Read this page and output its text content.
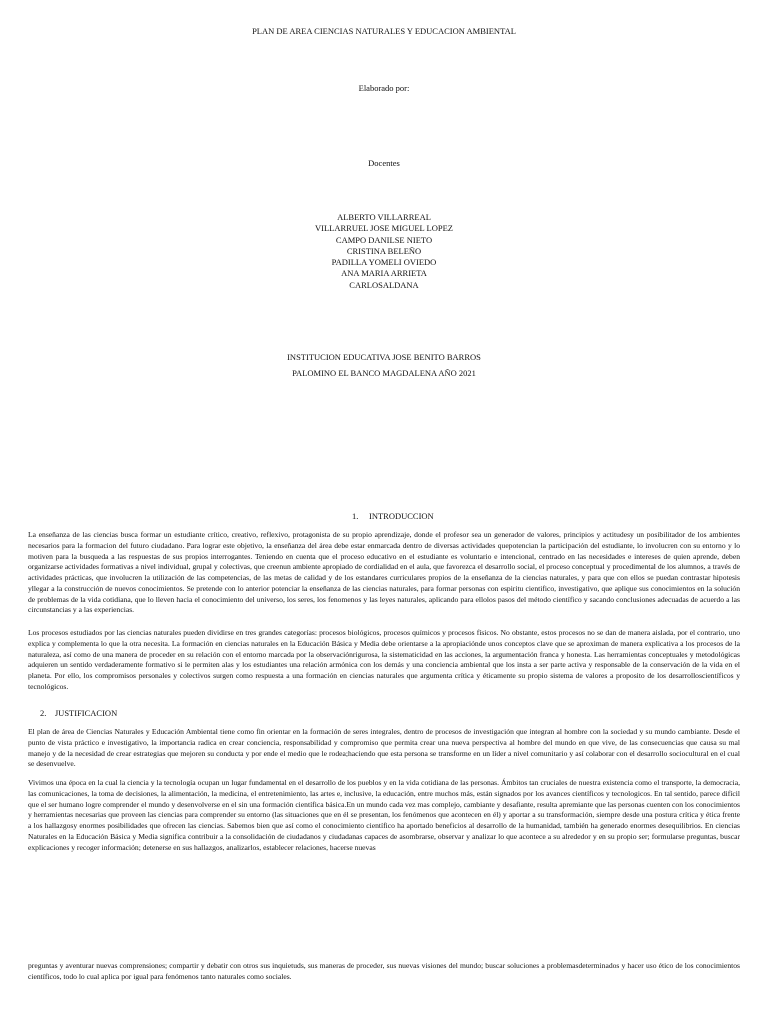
PLAN DE AREA CIENCIAS NATURALES Y EDUCACION AMBIENTAL
Elaborado por:
Docentes
ALBERTO VILLARREAL
VILLARRUEL JOSE MIGUEL LOPEZ
CAMPO DANILSE NIETO
CRISTINA BELEÑO
PADILLA YOMELI OVIEDO
ANA MARIA ARRIETA
CARLOSALDANA
INSTITUCION EDUCATIVA JOSE BENITO BARROS
PALOMINO EL BANCO MAGDALENA AÑO 2021
1.     INTRODUCCION

La enseñanza de las ciencias busca formar un estudiante crítico, creativo, reflexivo, protagonista de su propio aprendizaje, donde el profesor sea un generador de valores, principios y actitudesy un posibilitador de los ambientes necesarios para la formacion del futuro ciudadano. Para lograr este objetivo, la enseñanza del área debe estar enmarcada dentro de diversas actividades quepotencian la participación del estudiante, lo involucren con su entorno y lo motiven para la busqueda a las respuestas de sus propios interrogantes. Teniendo en cuenta que el proceso educativo en el estudiante es voluntario e intencional, centrado en las necesidades e intereses de quien aprende, deben organizarse actividades formativas a nivel individual, grupal y colectivas, que creenun ambiente apropiado de cordialidad en el aula, que favorezca el desarrollo social, el proceso conceptual y procedimental de los alumnos, a través de actividades prácticas, que involucren la utilización de las competencias, de las metas de calidad y de los estandares curriculares propios de la enseñanza de la ciencias naturales, y para que con ellos se puedan contrastar hipotesis yllegar a la construcción de nuevos conocimientos. Se pretende con lo anterior potenciar la enseñanza de las ciencias naturales, para formar personas con espiritu cientifico, investigativo, que aplique sus conocimientos en la solución de problemas de la vida cotidiana, que lo lleven hacia el conocimiento del universo, los seres, los fenomenos y las leyes naturales, aplicando para ellolos pasos del método científico y sacando conclusiones adecuadas de acuerdo a las circunstancias y a las experiencias.

Los procesos estudiados por las ciencias naturales pueden dividirse en tres grandes categorías: procesos biológicos, procesos químicos y procesos físicos. No obstante, estos procesos no se dan de manera aislada, por el contrario, uno explica y complementa lo que la otra necesita. La formación en ciencias naturales en la Educación Básica y Media debe orientarse a la apropiaciónde unos conceptos clave que se aproximan de manera explicativa a los procesos de la naturaleza, así como de una manera de proceder en su relación con el entorno marcada por la observaciónrigurosa, la sistematicidad en las acciones, la argumentación franca y honesta. Las herramientas conceptuales y metodológicas adquieren un sentido verdaderamente formativo si le permiten alas y los estudiantes una relación armónica con los demás y una conciencia ambiental que los insta a ser parte activa y responsable de la conservación de la vida en el planeta. Por ello, los compromisos personales y colectivos surgen como respuesta a una formación en ciencias naturales que argumenta crítica y éticamente su propio sistema de valores a proposito de los desarrolloscientíficos y tecnológicos.

2.    JUSTIFICACION

El plan de área de Ciencias Naturales y Educación Ambiental tiene como fin orientar en la formación de seres integrales, dentro de procesos de investigación que integran al hombre con la sociedad y su mundo cambiante. Desde el punto de vista práctico e investigativo, la importancia radica en crear conciencia, responsabilidad y compromiso que permita crear una nueva perspectiva al hombre del mundo en que vive, de las consecuencias que causa su mal manejo y de la necesidad de crear estrategias que mejoren su conducta y por ende el medio que le rodea;haciendo que esta persona se transforme en un líder a nivel comunitario y así colaborar con el desarrollo sociocultural en el cual se desenvuelve.

Vivimos una época en la cual la ciencia y la tecnología ocupan un lugar fundamental en el desarrollo de los pueblos y en la vida cotidiana de las personas. Ámbitos tan cruciales de nuestra existencia como el transporte, la democracia, las comunicaciones, la toma de decisiones, la alimentación, la medicina, el entretenimiento, las artes e, inclusive, la educación, entre muchos más, están signados por los avances científicos y tecnologicos. En tal sentido, parece difícil que el ser humano logre comprender el mundo y desenvolverse en el sin una formación científica básica.En un mundo cada vez mas complejo, cambiante y desafiante, resulta apremiante que las personas cuenten con los conocimientos y herramientas necesarias que proveen las ciencias para comprender su entorno (las situaciones que en él se presentan, los fenómenos que acontecen en él) y aportar a su transformación, siempre desde una postura crítica y ética frente a los hallazgosy enormes posibilidades que ofrecen las ciencias. Sabemos bien que así como el conocimiento científico ha aportado beneficios al desarrollo de la humanidad, también ha generado enormes desequilibrios. En ciencias Naturales en la Educación Básica y Media significa contribuir a la consolidación de ciudadanos y ciudadanas capaces de asombrarse, observar y analizar lo que acontece a su alrededor y en su propio ser; formularse preguntas, buscar explicaciones y recoger información; detenerse en sus hallazgos, analizarlos, establecer relaciones, hacerse nuevas

preguntas y aventurar nuevas comprensiones; compartir y debatir con otros sus inquietuds, sus maneras de proceder, sus nuevas visiones del mundo; buscar soluciones a problemasdeterminados y hacer uso ético de los conocimientos científicos, todo lo cual aplica por igual para fenómenos tanto naturales como sociales.
